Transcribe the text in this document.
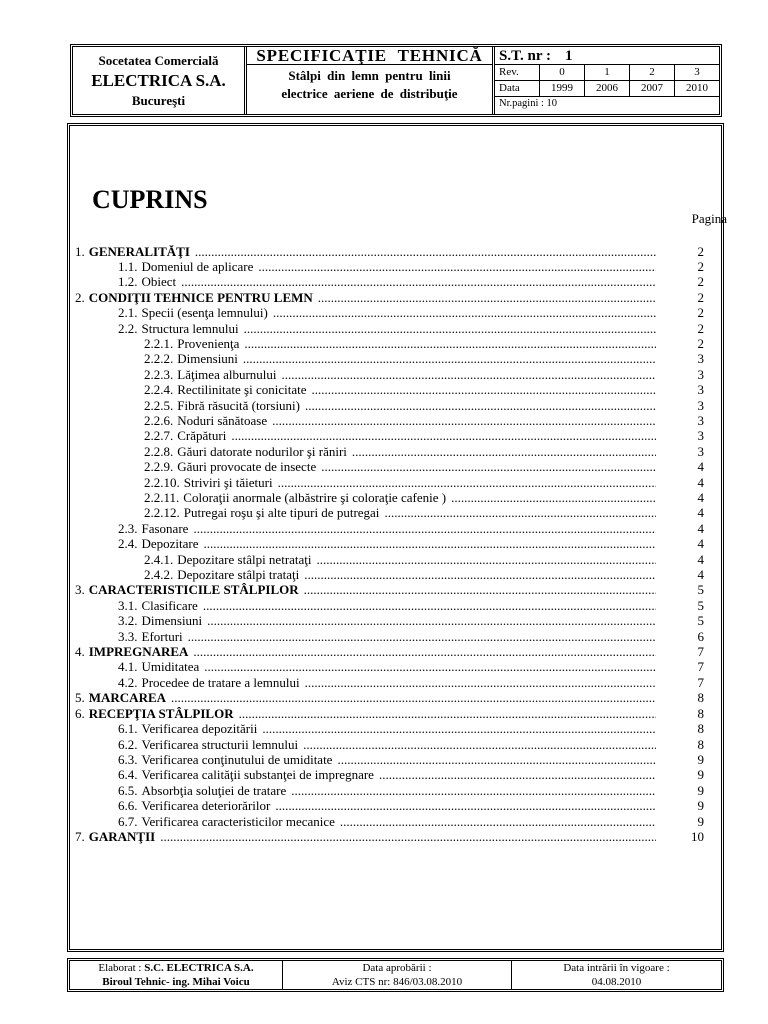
Socetatea Comercială
ELECTRICA S.A.
Bucureşti
SPECIFICAŢIE TEHNICĂ
Stâlpi din lemn pentru linii
electrice aeriene de distribuţie
S.T. nr : 1
Rev.	0	1	2	3
Data	1999	2006	2007	2010
Nr.pagini : 10
CUPRINS
Pagina
1. GENERALITĂŢI .....	2
1.1. Domeniul de aplicare .....	2
1.2. Obiect .....	2
2. CONDIŢII TEHNICE PENTRU LEMN .....	2
2.1. Specii (esenţa lemnului) .....	2
2.2. Structura lemnului .....	2
2.2.1. Provenienţa .....	2
2.2.2. Dimensiuni .....	3
2.2.3. Lăţimea alburnului .....	3
2.2.4. Rectilinitate şi conicitate .....	3
2.2.5. Fibră răsucită (torsiuni) .....	3
2.2.6. Noduri sănătoase .....	3
2.2.7. Crăpături .....	3
2.2.8. Găuri datorate nodurilor şi răniri .....	3
2.2.9. Găuri provocate de insecte .....	4
2.2.10. Striviri şi tăieturi .....	4
2.2.11. Coloraţii anormale (albăstrire şi coloraţie cafenie ) .....	4
2.2.12. Putregai roşu şi alte tipuri de putregai .....	4
2.3. Fasonare .....	4
2.4. Depozitare .....	4
2.4.1. Depozitare stâlpi netrataţi .....	4
2.4.2. Depozitare stâlpi trataţi .....	4
3. CARACTERISTICILE STÂLPILOR .....	5
3.1. Clasificare .....	5
3.2. Dimensiuni .....	5
3.3. Eforturi .....	6
4. IMPREGNAREA .....	7
4.1. Umiditatea .....	7
4.2. Procedee de tratare a lemnului .....	7
5. MARCAREA .....	8
6. RECEPŢIA STÂLPILOR .....	8
6.1. Verificarea depozitării .....	8
6.2. Verificarea structurii lemnului .....	8
6.3. Verificarea conţinutului de umiditate .....	9
6.4. Verificarea calităţii substanţei de impregnare .....	9
6.5. Absorbţia soluţiei de tratare .....	9
6.6. Verificarea deteriorărilor .....	9
6.7. Verificarea caracteristicilor mecanice .....	9
7. GARANŢII .....	10
Elaborat : S.C. ELECTRICA S.A.
Biroul Tehnic- ing. Mihai Voicu
Data aprobării :
Aviz CTS nr: 846/03.08.2010
Data intrării în vigoare :
04.08.2010
